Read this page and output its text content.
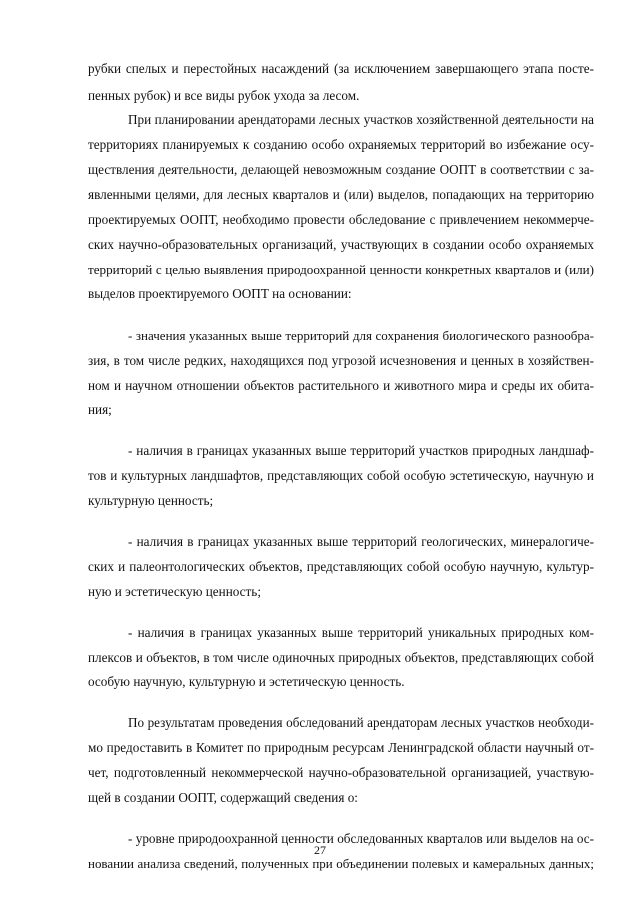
рубки спелых и перестойных насаждений (за исключением завершающего этапа посте-
пенных рубок) и все виды рубок ухода за лесом.
При планировании арендаторами лесных участков хозяйственной деятельности на
территориях планируемых к созданию особо охраняемых территорий во избежание осу-
ществления деятельности, делающей невозможным создание ООПТ в соответствии с за-
явленными целями, для лесных кварталов и (или) выделов, попадающих на территорию
проектируемых ООПТ, необходимо провести обследование с привлечением некоммерче-
ских научно-образовательных организаций, участвующих в создании особо охраняемых
территорий с целью выявления природоохранной ценности конкретных кварталов и (или)
выделов проектируемого ООПТ на основании:
- значения указанных выше территорий для сохранения биологического разнообра-
зия, в том числе редких, находящихся под угрозой исчезновения и ценных в хозяйствен-
ном и научном отношении объектов растительного и животного мира и среды их обита-
ния;
- наличия в границах указанных выше территорий участков природных ландшаф-
тов и культурных ландшафтов, представляющих собой особую эстетическую, научную и
культурную ценность;
- наличия в границах указанных выше территорий геологических, минералогиче-
ских и палеонтологических объектов, представляющих собой особую научную, культур-
ную и эстетическую ценность;
- наличия в границах указанных выше территорий уникальных природных ком-
плексов и объектов, в том числе одиночных природных объектов, представляющих собой
особую научную, культурную и эстетическую ценность.
По результатам проведения обследований арендаторам лесных участков необходи-
мо предоставить в Комитет по природным ресурсам Ленинградской области научный от-
чет, подготовленный некоммерческой научно-образовательной организацией, участвую-
щей в создании ООПТ, содержащий сведения о:
- уровне природоохранной ценности обследованных кварталов или выделов на ос-
новании анализа сведений, полученных при объединении полевых и камеральных данных;
27
